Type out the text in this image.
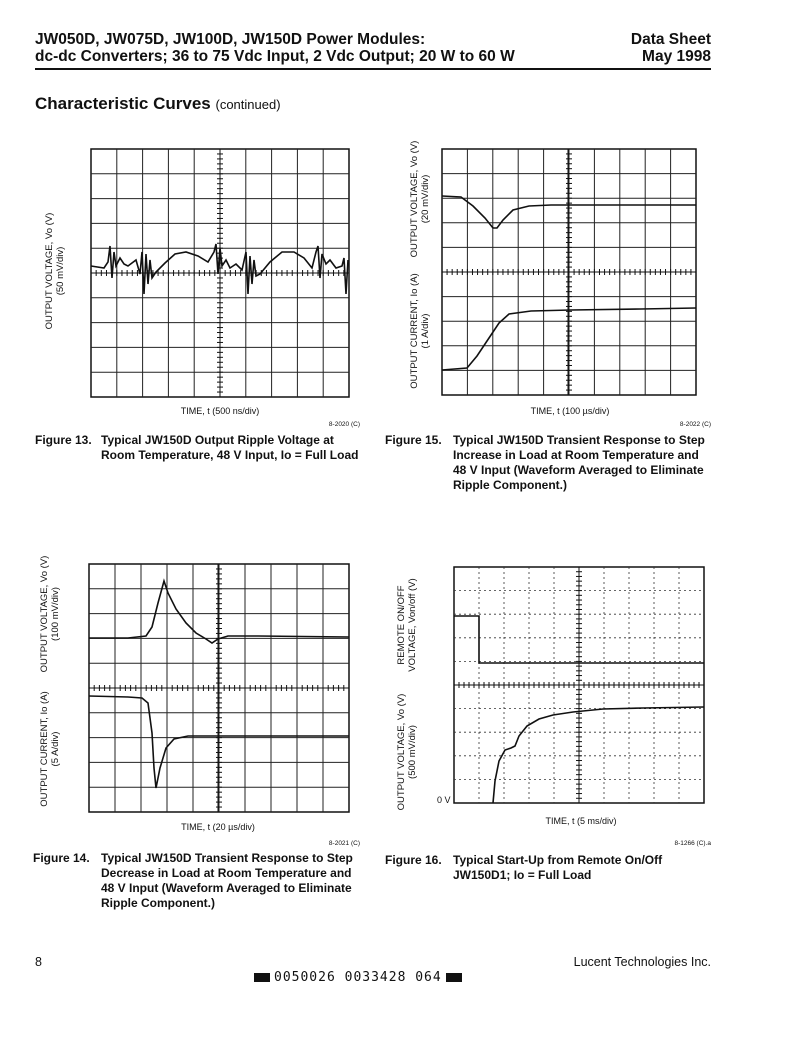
JW050D, JW075D, JW100D, JW150D Power Modules:
dc-dc Converters; 36 to 75 Vdc Input, 2 Vdc Output; 20 W to 60 W
Data Sheet
May 1998
Characteristic Curves (continued)
OUTPUT VOLTAGE, Vo (V) (50 mV/div)
TIME, t (500 ns/div)
8-2020 (C)
Figure 13. Typical JW150D Output Ripple Voltage at Room Temperature, 48 V Input, Io = Full Load
OUTPUT VOLTAGE, Vo (V) (20 mV/div)
OUTPUT CURRENT, Io (A) (1 A/div)
TIME, t (100 µs/div)
8-2022 (C)
Figure 15. Typical JW150D Transient Response to Step Increase in Load at Room Temperature and 48 V Input (Waveform Averaged to Eliminate Ripple Component.)
OUTPUT VOLTAGE, Vo (V) (100 mV/div)
OUTPUT CURRENT, Io (A) (5 A/div)
TIME, t (20 µs/div)
8-2021 (C)
Figure 14. Typical JW150D Transient Response to Step Decrease in Load at Room Temperature and 48 V Input (Waveform Averaged to Eliminate Ripple Component.)
REMOTE ON/OFF VOLTAGE, Von/off (V)
OUTPUT VOLTAGE, Vo (V) (500 mV/div)
0 V
TIME, t (5 ms/div)
8-1266 (C).a
Figure 16. Typical Start-Up from Remote On/Off JW150D1; Io = Full Load
8	Lucent Technologies Inc.
0050026 0033428 064
